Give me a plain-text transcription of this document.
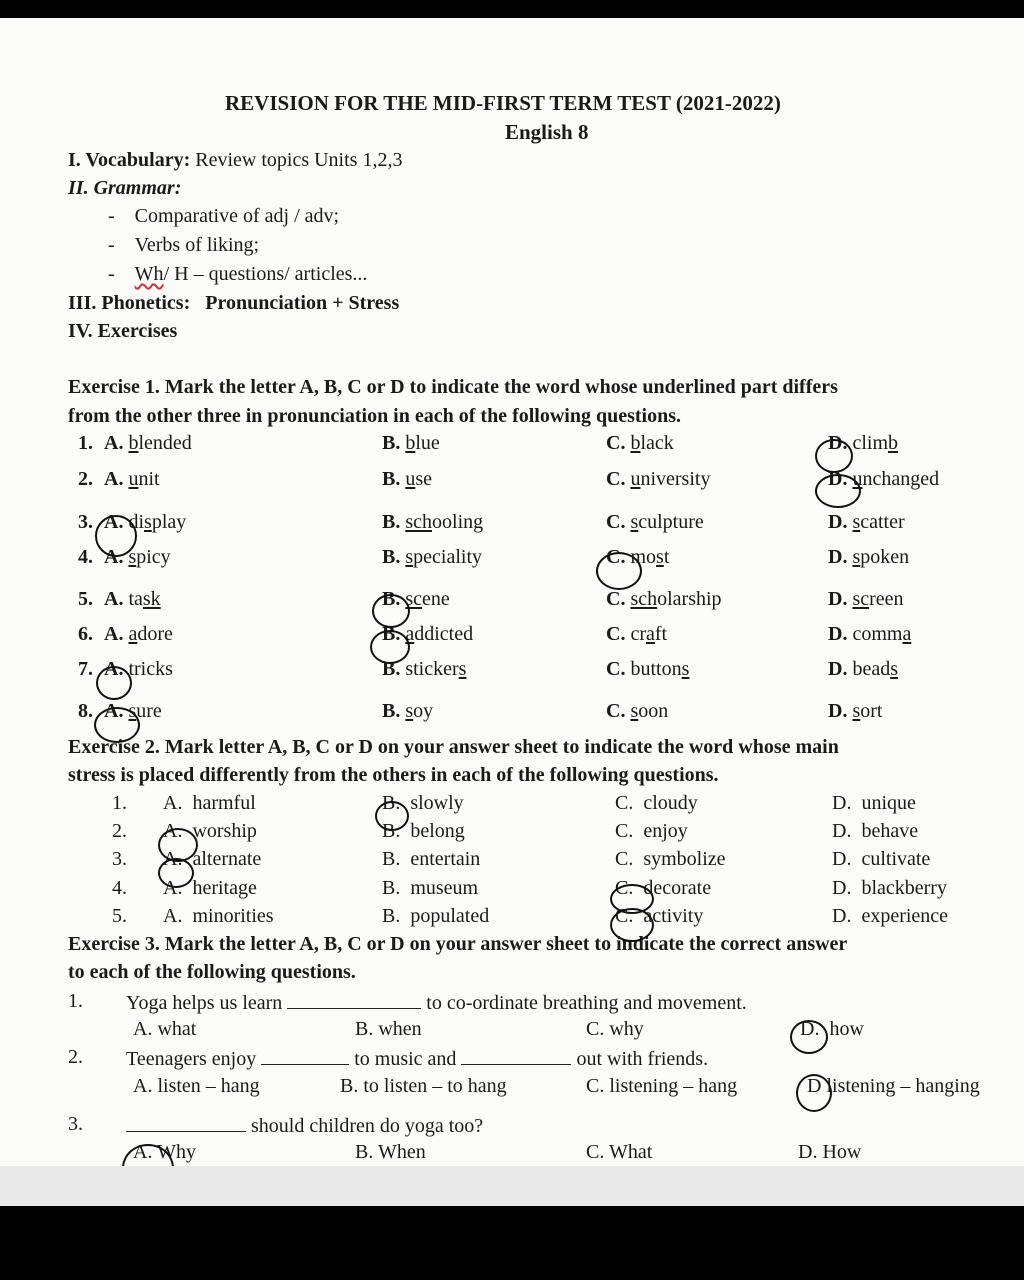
REVISION FOR THE MID-FIRST TERM TEST (2021-2022)
English 8
I. Vocabulary: Review topics Units 1,2,3
II. Grammar:
-    Comparative of adj / adv;
-    Verbs of liking;
-    Wh/ H – questions/ articles...
III. Phonetics: Pronunciation + Stress
IV. Exercises
Exercise 1. Mark the letter A, B, C or D to indicate the word whose underlined part differs
from the other three in pronunciation in each of the following questions.
1. A. blended	B. blue	C. black	D. climb
2. A. unit	B. use	C. university	D. unchanged
3. A. display	B. schooling	C. sculpture	D. scatter
4. A. spicy	B. speciality	C. most	D. spoken
5. A. task	B. scene	C. scholarship	D. screen
6. A. adore	B. addicted	C. craft	D. comma
7. A. tricks	B. stickers	C. buttons	D. beads
8. A. sure	B. soy	C. soon	D. sort
Exercise 2. Mark letter A, B, C or D on your answer sheet to indicate the word whose main
stress is placed differently from the others in each of the following questions.
1. A. harmful	B. slowly	C. cloudy	D. unique
2. A. worship	B. belong	C. enjoy	D. behave
3. A. alternate	B. entertain	C. symbolize	D. cultivate
4. A. heritage	B. museum	C. decorate	D. blackberry
5. A. minorities	B. populated	C. activity	D. experience
Exercise 3. Mark the letter A, B, C or D on your answer sheet to indicate the correct answer
to each of the following questions.
1. Yoga helps us learn	to co-ordinate breathing and movement.
A. what	B. when	C. why	D. how
2. Teenagers enjoy	to music and	out with friends.
A. listen – hang	B. to listen – to hang	C. listening – hang	D listening – hanging
3.	should children do yoga too?
A. Why	B. When	C. What	D. How
